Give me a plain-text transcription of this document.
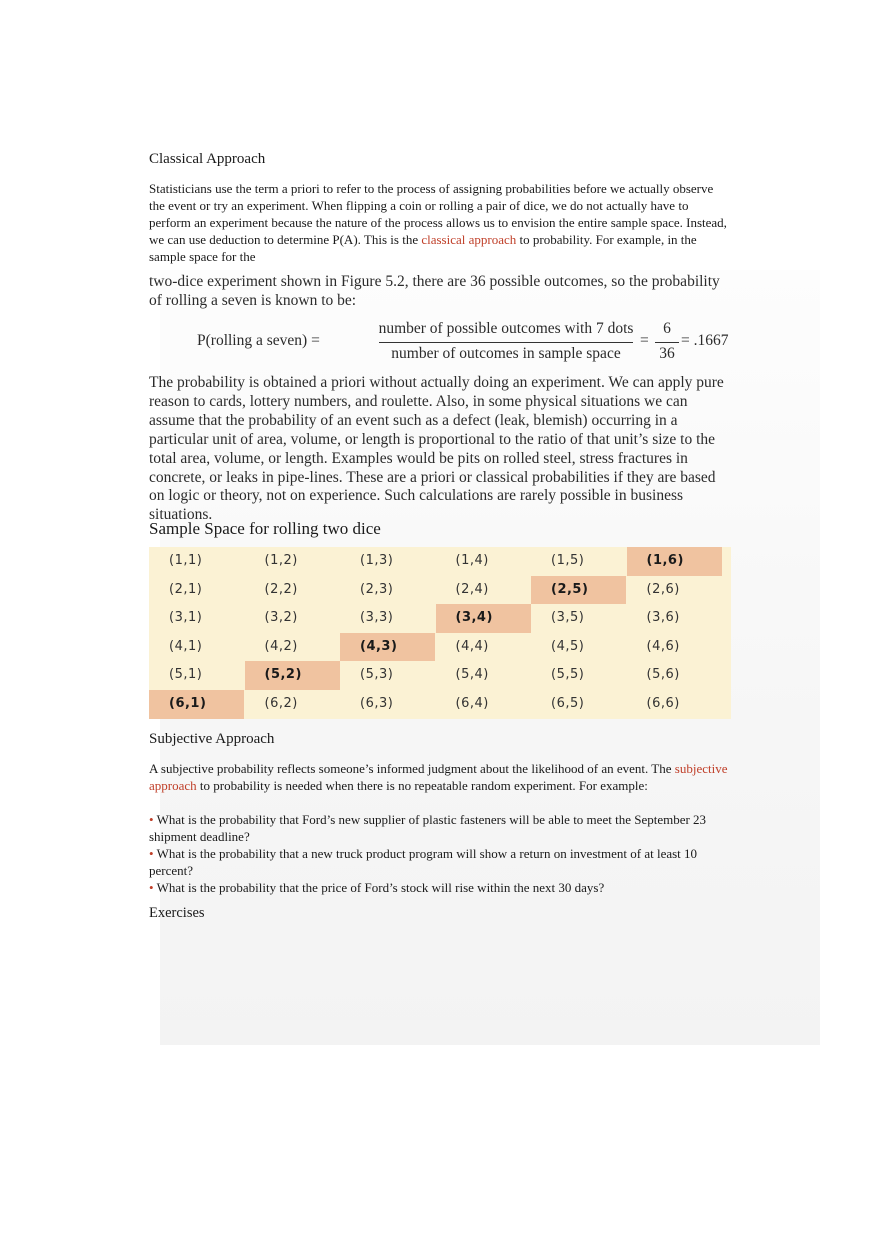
Classical Approach

Statisticians use the term a priori to refer to the process of assigning probabilities before we actually observe the event or try an experiment. When flipping a coin or rolling a pair of dice, we do not actually have to perform an experiment because the nature of the process allows us to envision the entire sample space. Instead, we can use deduction to determine P(A). This is the classical approach to probability. For example, in the sample space for the

two-dice experiment shown in Figure 5.2, there are 36 possible outcomes, so the probability of rolling a seven is known to be:

P(rolling a seven) =
number of possible outcomes with 7 dots
number of outcomes in sample space
=
6
36
= .1667

The probability is obtained a priori without actually doing an experiment. We can apply pure reason to cards, lottery numbers, and roulette. Also, in some physical situations we can assume that the probability of an event such as a defect (leak, blemish) occurring in a particular unit of area, volume, or length is proportional to the ratio of that unit’s size to the total area, volume, or length. Examples would be pits on rolled steel, stress fractures in concrete, or leaks in pipe-lines. These are a priori or classical probabilities if they are based on logic or theory, not on experience. Such calculations are rarely possible in business situations.

Sample Space for rolling two dice
(1,1)	(1,2)	(1,3)	(1,4)	(1,5)	(1,6)
(2,1)	(2,2)	(2,3)	(2,4)	(2,5)	(2,6)
(3,1)	(3,2)	(3,3)	(3,4)	(3,5)	(3,6)
(4,1)	(4,2)	(4,3)	(4,4)	(4,5)	(4,6)
(5,1)	(5,2)	(5,3)	(5,4)	(5,5)	(5,6)
(6,1)	(6,2)	(6,3)	(6,4)	(6,5)	(6,6)
Subjective Approach

A subjective probability reflects someone’s informed judgment about the likelihood of an event. The subjective approach to probability is needed when there is no repeatable random experiment. For example:

• What is the probability that Ford’s new supplier of plastic fasteners will be able to meet the September 23 shipment deadline?

• What is the probability that a new truck product program will show a return on investment of at least 10 percent?

• What is the probability that the price of Ford’s stock will rise within the next 30 days?

Exercises
